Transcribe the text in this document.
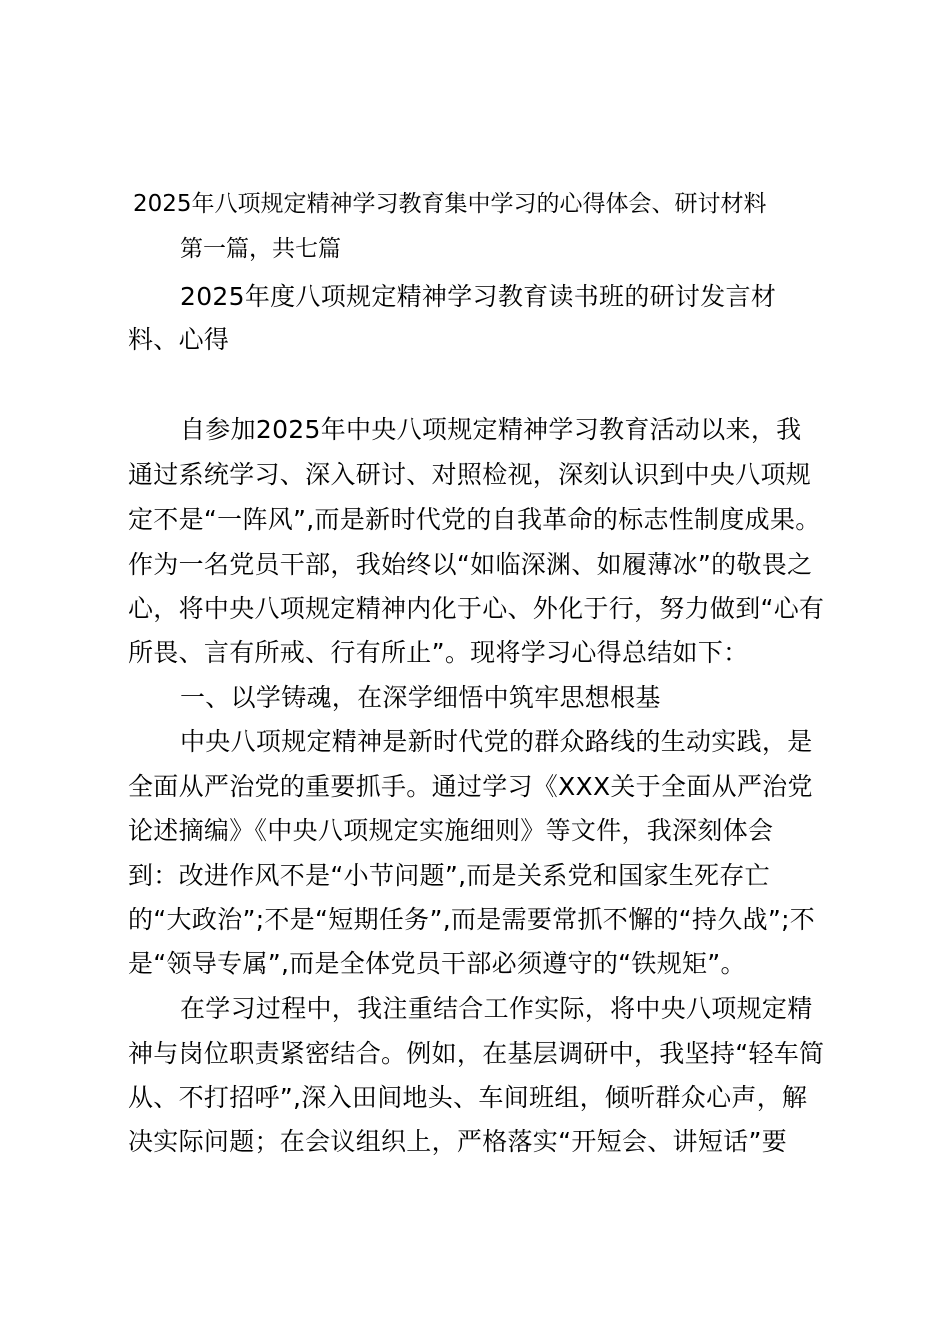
2025年八项规定精神学习教育集中学习的心得体会、研讨材料

第一篇，共七篇

2025年度八项规定精神学习教育读书班的研讨发言材

料、心得

自参加2025年中央八项规定精神学习教育活动以来，我

通过系统学习、深入研讨、对照检视，深刻认识到中央八项规

定不是“一阵风”,而是新时代党的自我革命的标志性制度成果。

作为一名党员干部，我始终以“如临深渊、如履薄冰”的敬畏之

心，将中央八项规定精神内化于心、外化于行，努力做到“心有

所畏、言有所戒、行有所止”。现将学习心得总结如下：

一、以学铸魂，在深学细悟中筑牢思想根基

中央八项规定精神是新时代党的群众路线的生动实践，是

全面从严治党的重要抓手。通过学习《XXX关于全面从严治党

论述摘编》《中央八项规定实施细则》等文件，我深刻体会

到：改进作风不是“小节问题”,而是关系党和国家生死存亡

的“大政治”;不是“短期任务”,而是需要常抓不懈的“持久战”;不

是“领导专属”,而是全体党员干部必须遵守的“铁规矩”。

在学习过程中，我注重结合工作实际，将中央八项规定精

神与岗位职责紧密结合。例如，在基层调研中，我坚持“轻车简

从、不打招呼”,深入田间地头、车间班组，倾听群众心声，解

决实际问题；在会议组织上，严格落实“开短会、讲短话”要
